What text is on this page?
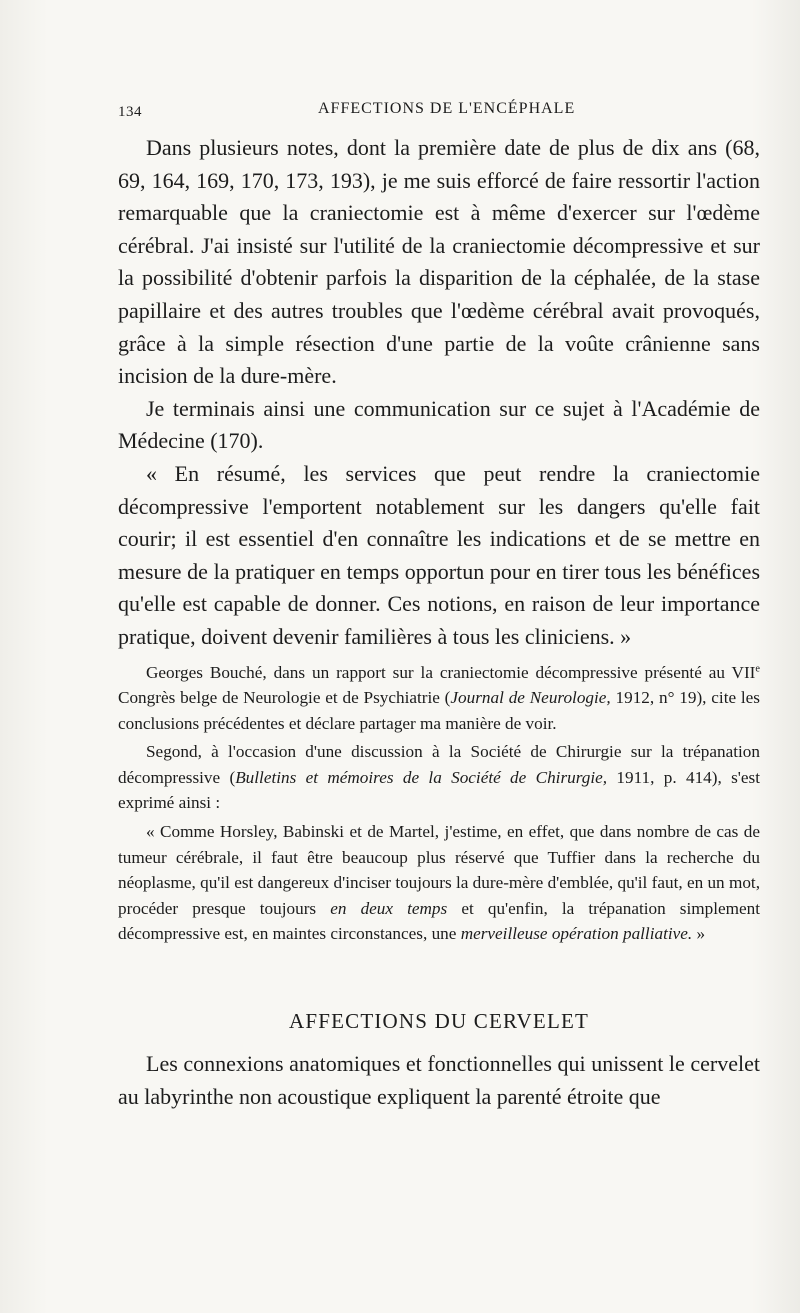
134	AFFECTIONS DE L'ENCÉPHALE

Dans plusieurs notes, dont la première date de plus de dix ans (68, 69, 164, 169, 170, 173, 193), je me suis efforcé de faire ressortir l'action remarquable que la craniectomie est à même d'exercer sur l'œdème cérébral. J'ai insisté sur l'utilité de la craniectomie décompressive et sur la possibilité d'obtenir parfois la disparition de la céphalée, de la stase papillaire et des autres troubles que l'œdème cérébral avait provoqués, grâce à la simple résection d'une partie de la voûte crânienne sans incision de la dure-mère.

Je terminais ainsi une communication sur ce sujet à l'Académie de Médecine (170).

« En résumé, les services que peut rendre la craniectomie décompressive l'emportent notablement sur les dangers qu'elle fait courir; il est essentiel d'en connaître les indications et de se mettre en mesure de la pratiquer en temps opportun pour en tirer tous les bénéfices qu'elle est capable de donner. Ces notions, en raison de leur importance pratique, doivent devenir familières à tous les cliniciens. »

Georges Bouché, dans un rapport sur la craniectomie décompressive présenté au VIIe Congrès belge de Neurologie et de Psychiatrie (Journal de Neurologie, 1912, n° 19), cite les conclusions précédentes et déclare partager ma manière de voir.

Segond, à l'occasion d'une discussion à la Société de Chirurgie sur la trépanation décompressive (Bulletins et mémoires de la Société de Chirurgie, 1911, p. 414), s'est exprimé ainsi :

« Comme Horsley, Babinski et de Martel, j'estime, en effet, que dans nombre de cas de tumeur cérébrale, il faut être beaucoup plus réservé que Tuffier dans la recherche du néoplasme, qu'il est dangereux d'inciser toujours la dure-mère d'emblée, qu'il faut, en un mot, procéder presque toujours en deux temps et qu'enfin, la trépanation simplement décompressive est, en maintes circonstances, une merveilleuse opération palliative. »

AFFECTIONS DU CERVELET

Les connexions anatomiques et fonctionnelles qui unissent le cervelet au labyrinthe non acoustique expliquent la parenté étroite que
